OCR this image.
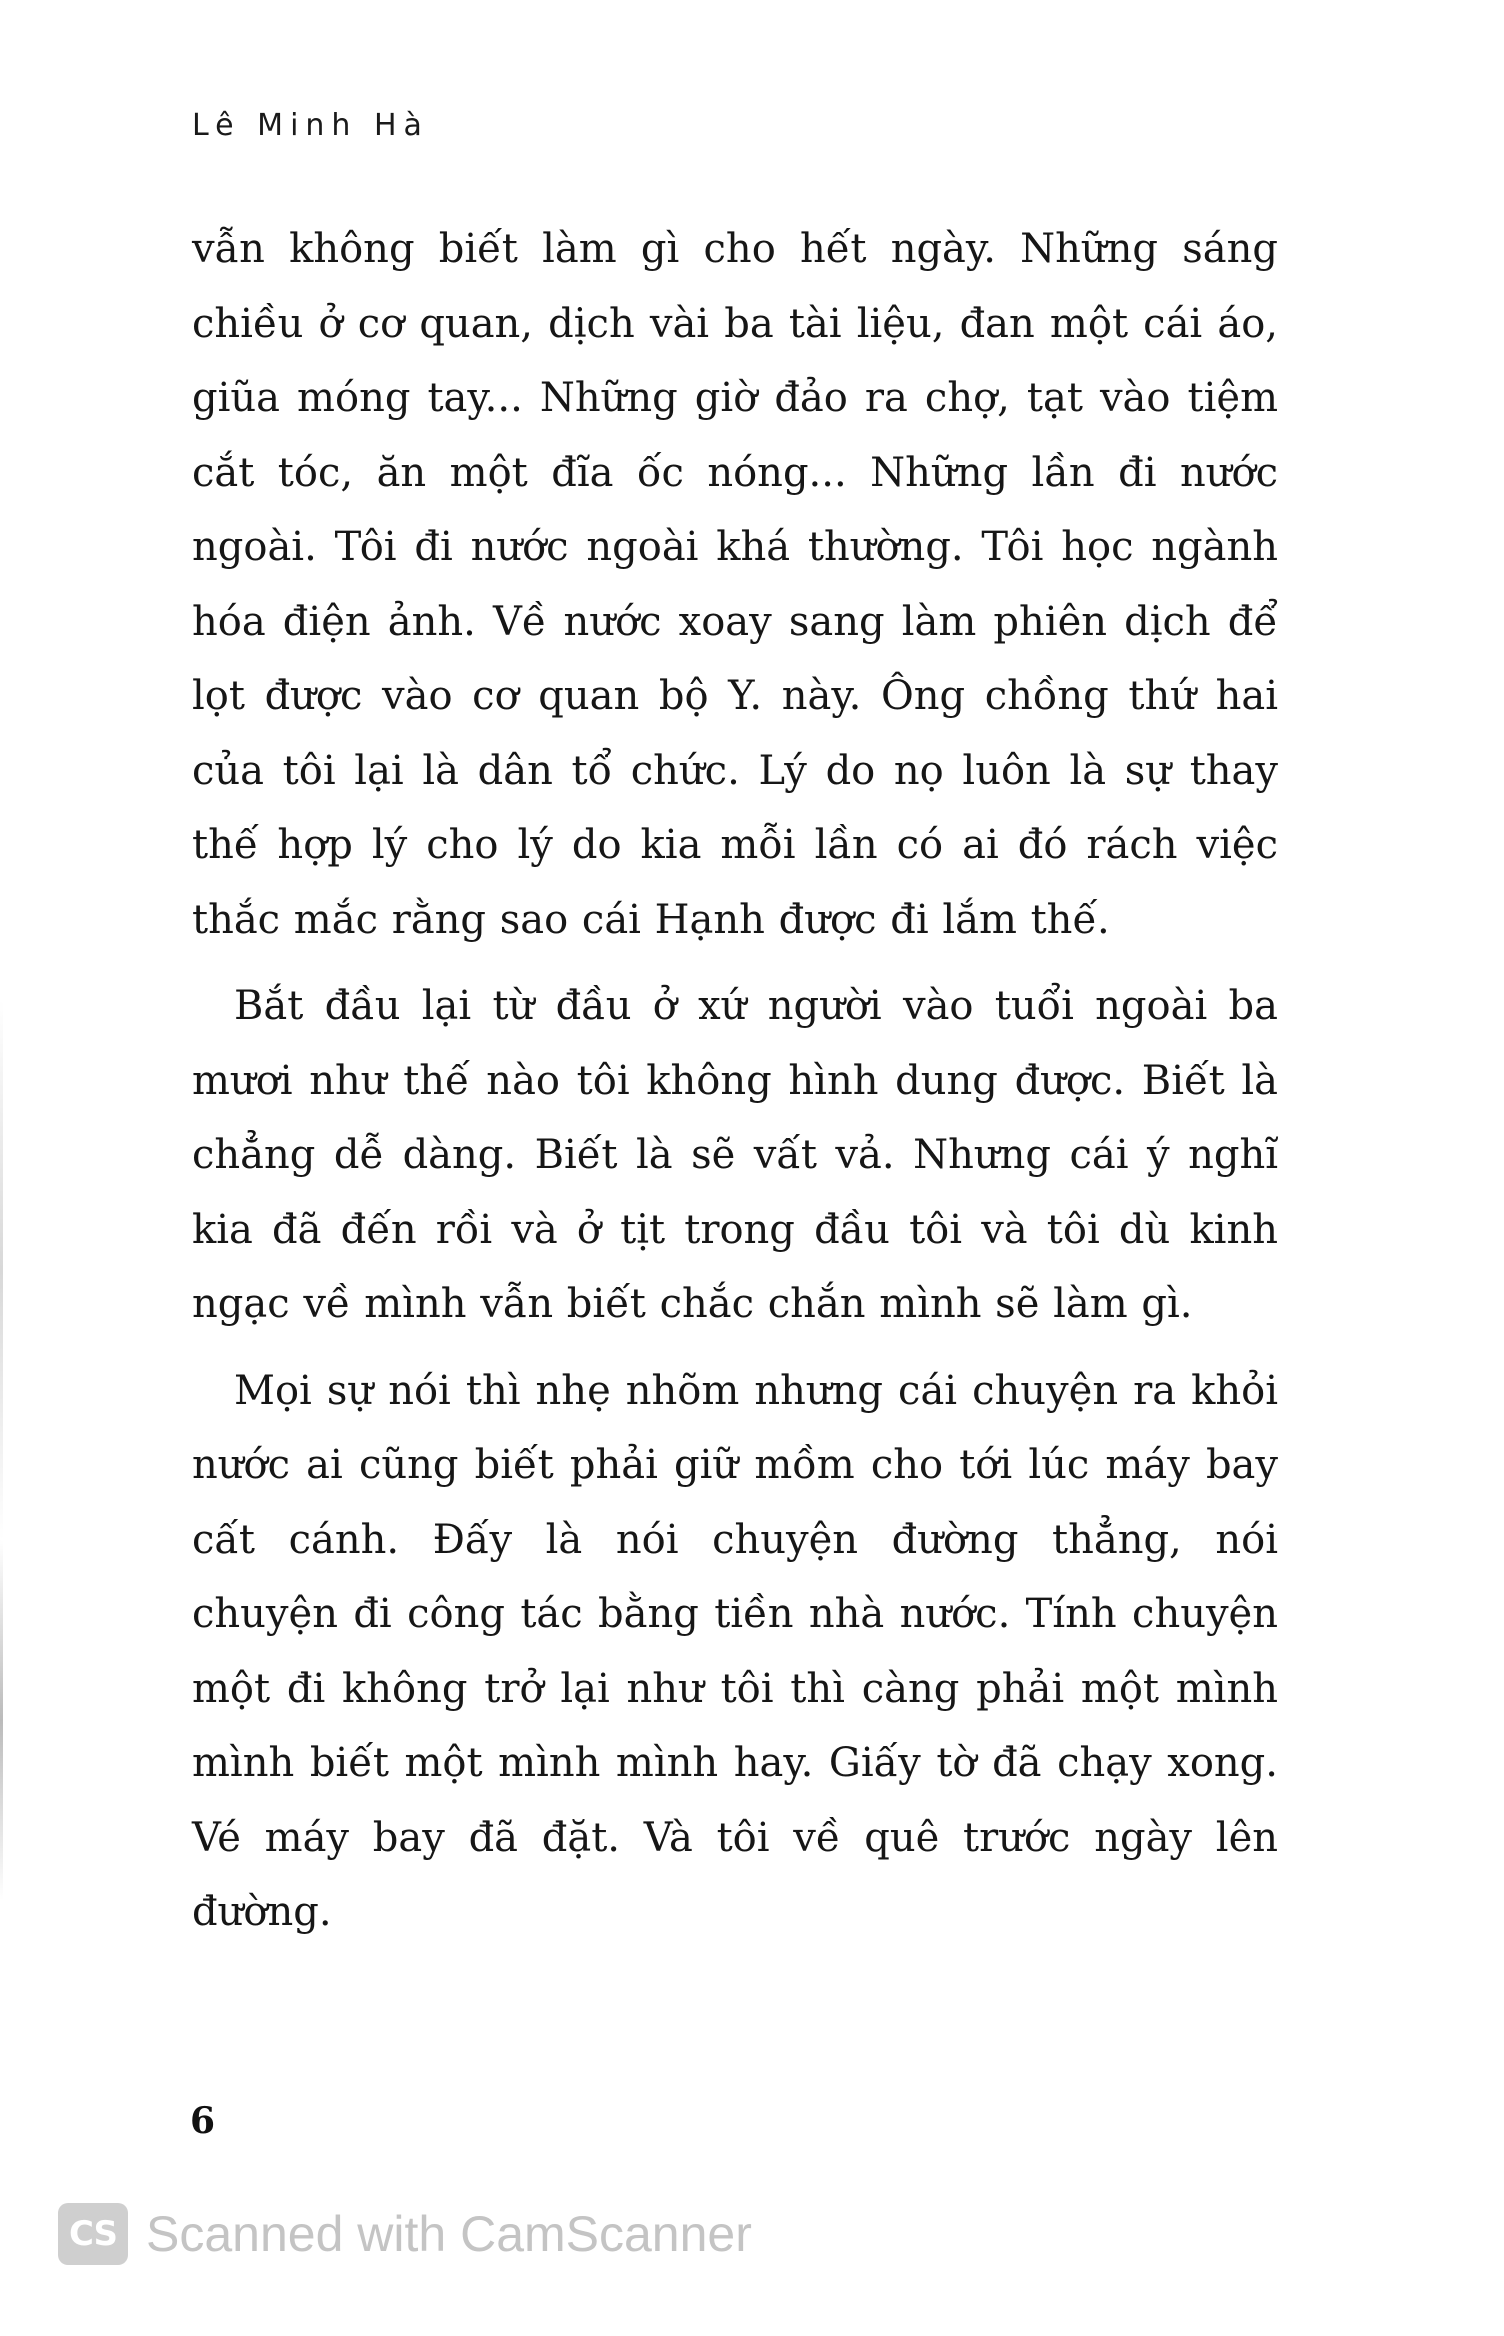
Lê Minh Hà

vẫn không biết làm gì cho hết ngày. Những sáng chiều ở cơ quan, dịch vài ba tài liệu, đan một cái áo, giũa móng tay... Những giờ đảo ra chợ, tạt vào tiệm cắt tóc, ăn một đĩa ốc nóng... Những lần đi nước ngoài. Tôi đi nước ngoài khá thường. Tôi học ngành hóa điện ảnh. Về nước xoay sang làm phiên dịch để lọt được vào cơ quan bộ Y. này. Ông chồng thứ hai của tôi lại là dân tổ chức. Lý do nọ luôn là sự thay thế hợp lý cho lý do kia mỗi lần có ai đó rách việc thắc mắc rằng sao cái Hạnh được đi lắm thế.

Bắt đầu lại từ đầu ở xứ người vào tuổi ngoài ba mươi như thế nào tôi không hình dung được. Biết là chẳng dễ dàng. Biết là sẽ vất vả. Nhưng cái ý nghĩ kia đã đến rồi và ở tịt trong đầu tôi và tôi dù kinh ngạc về mình vẫn biết chắc chắn mình sẽ làm gì.

Mọi sự nói thì nhẹ nhõm nhưng cái chuyện ra khỏi nước ai cũng biết phải giữ mồm cho tới lúc máy bay cất cánh. Đấy là nói chuyện đường thẳng, nói chuyện đi công tác bằng tiền nhà nước. Tính chuyện một đi không trở lại như tôi thì càng phải một mình mình biết một mình mình hay. Giấy tờ đã chạy xong. Vé máy bay đã đặt. Và tôi về quê trước ngày lên đường.

6
CS Scanned with CamScanner
